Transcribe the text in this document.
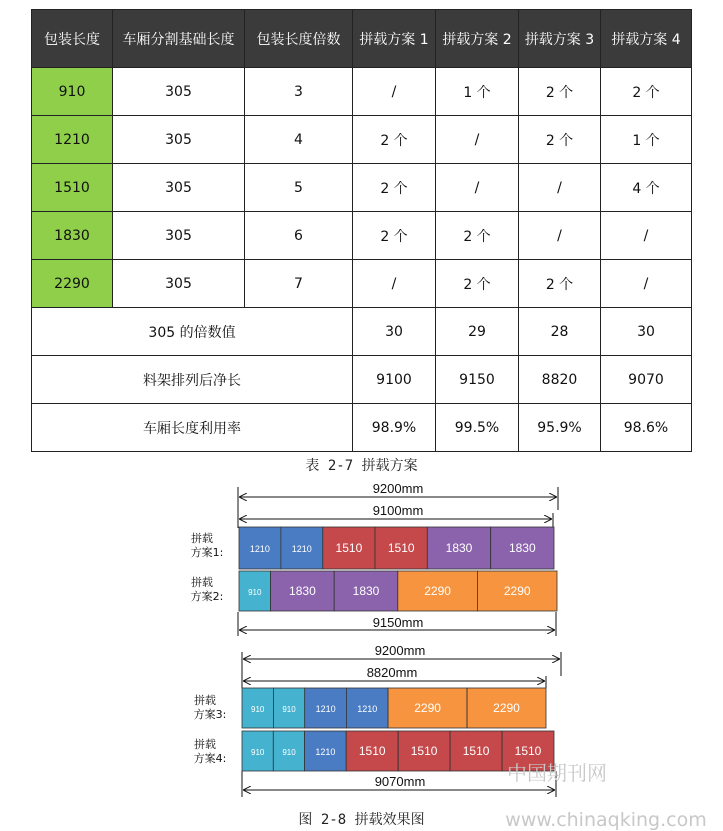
包装长度	车厢分割基础长度	包装长度倍数	拼载方案 1	拼载方案 2	拼载方案 3	拼载方案 4
910	305	3	/	1 个	2 个	2 个
1210	305	4	2 个	/	2 个	1 个
1510	305	5	2 个	/	/	4 个
1830	305	6	2 个	2 个	/	/
2290	305	7	/	2 个	2 个	/
305 的倍数值			30	29	28	30
料架排列后净长			9100	9150	8820	9070
车厢长度利用率			98.9%	99.5%	95.9%	98.6%
表 2-7 拼载方案
9200mm
9100mm
9150mm
9200mm
8820mm
9070mm
拼载
方案1:
拼载
方案2:
拼载
方案3:
拼载
方案4:
1210 1210 1510 1510	1830	1830
910 1830	1830	2290	2290
910 910 1210 1210	2290	2290
910 910 1210 1510 1510 1510 1510
中国期刊网
www.chinaqking.com
图 2-8 拼载效果图
